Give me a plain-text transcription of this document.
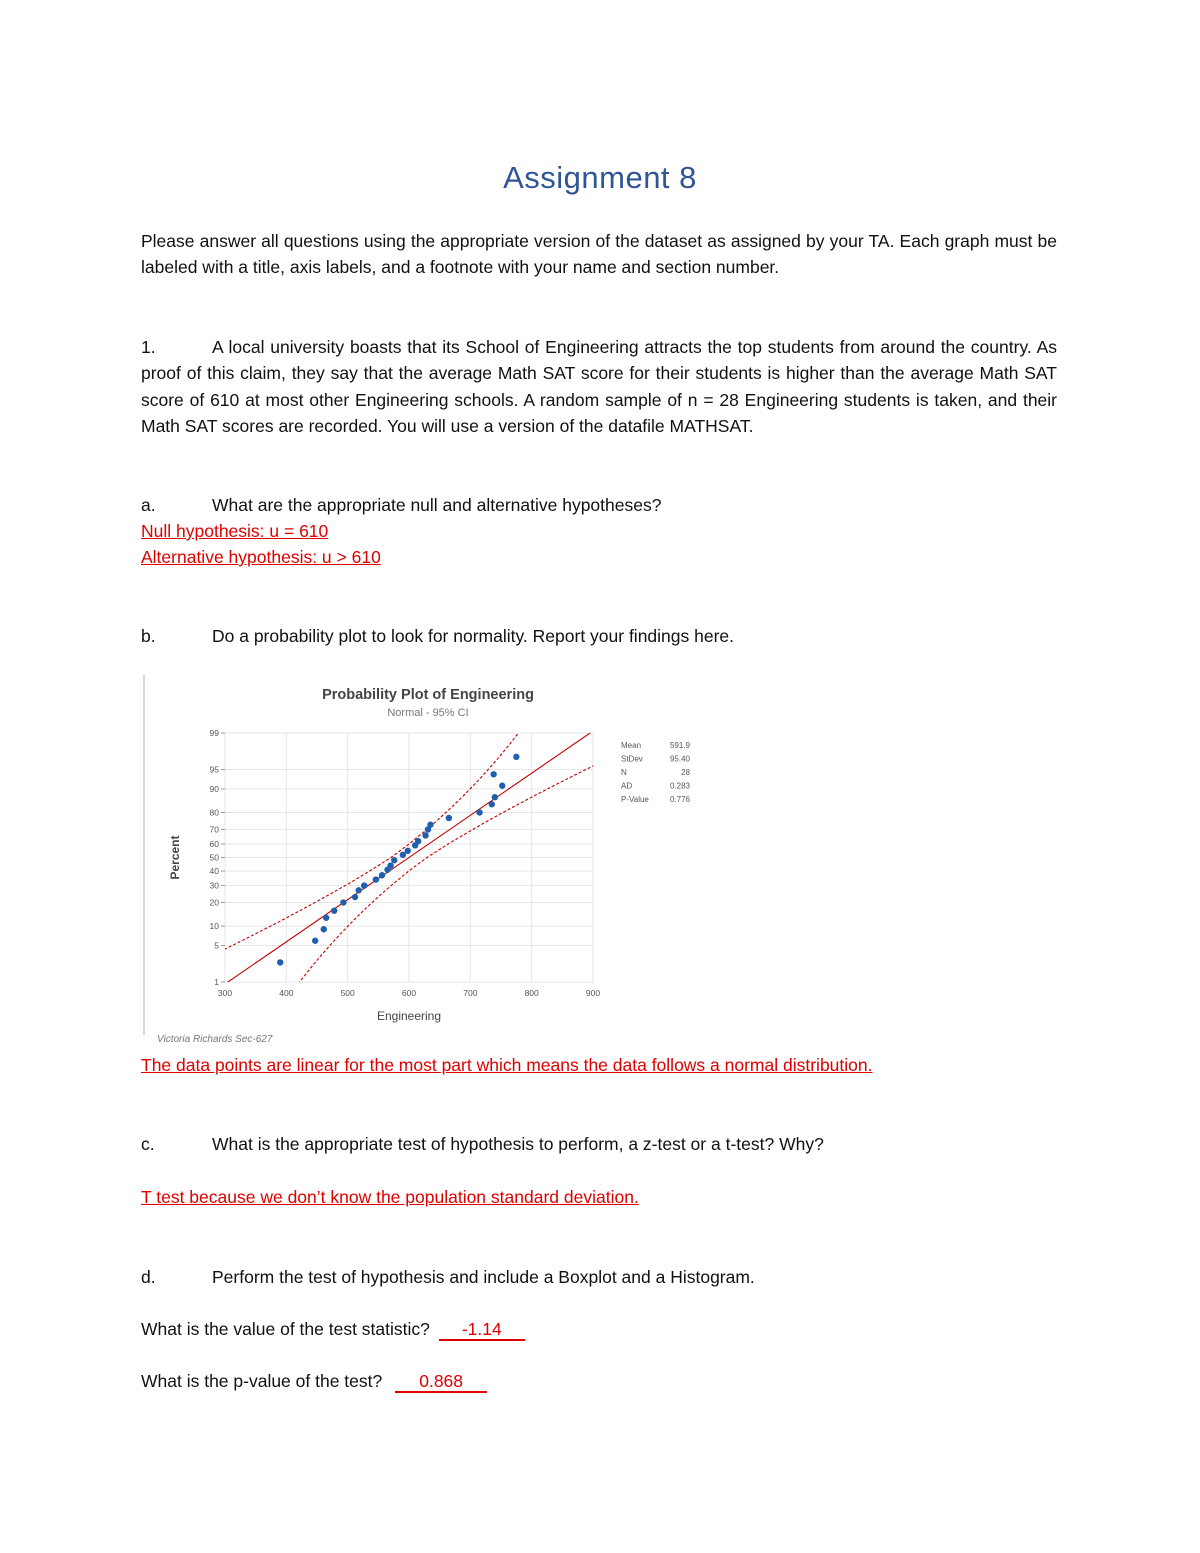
Assignment 8
Please answer all questions using the appropriate version of the dataset as assigned by your TA. Each graph must be labeled with a title, axis labels, and a footnote with your name and section number.
1.	A local university boasts that its School of Engineering attracts the top students from around the country. As proof of this claim, they say that the average Math SAT score for their students is higher than the average Math SAT score of 610 at most other Engineering schools. A random sample of n = 28 Engineering students is taken, and their Math SAT scores are recorded. You will use a version of the datafile MATHSAT.
a.	What are the appropriate null and alternative hypotheses?
Null hypothesis: u = 610
Alternative hypothesis: u > 610
b.	Do a probability plot to look for normality. Report your findings here.
Probability Plot of Engineering
Normal - 95% CI
300	400	500	600	700	800	900
1
5
10
20
30
40
50
60
70
80
90
95
99
Engineering
Percent
Mean	591.9
StDev	95.40
N	28
AD	0.283
P-Value	0.776
Victoria Richards Sec-627
The data points are linear for the most part which means the data follows a normal distribution.
c.	What is the appropriate test of hypothesis to perform, a z-test or a t-test? Why?
T test because we don’t know the population standard deviation.
d.	Perform the test of hypothesis and include a Boxplot and a Histogram.
What is the value of the test statistic? -1.14
What is the p-value of the test? 0.868
